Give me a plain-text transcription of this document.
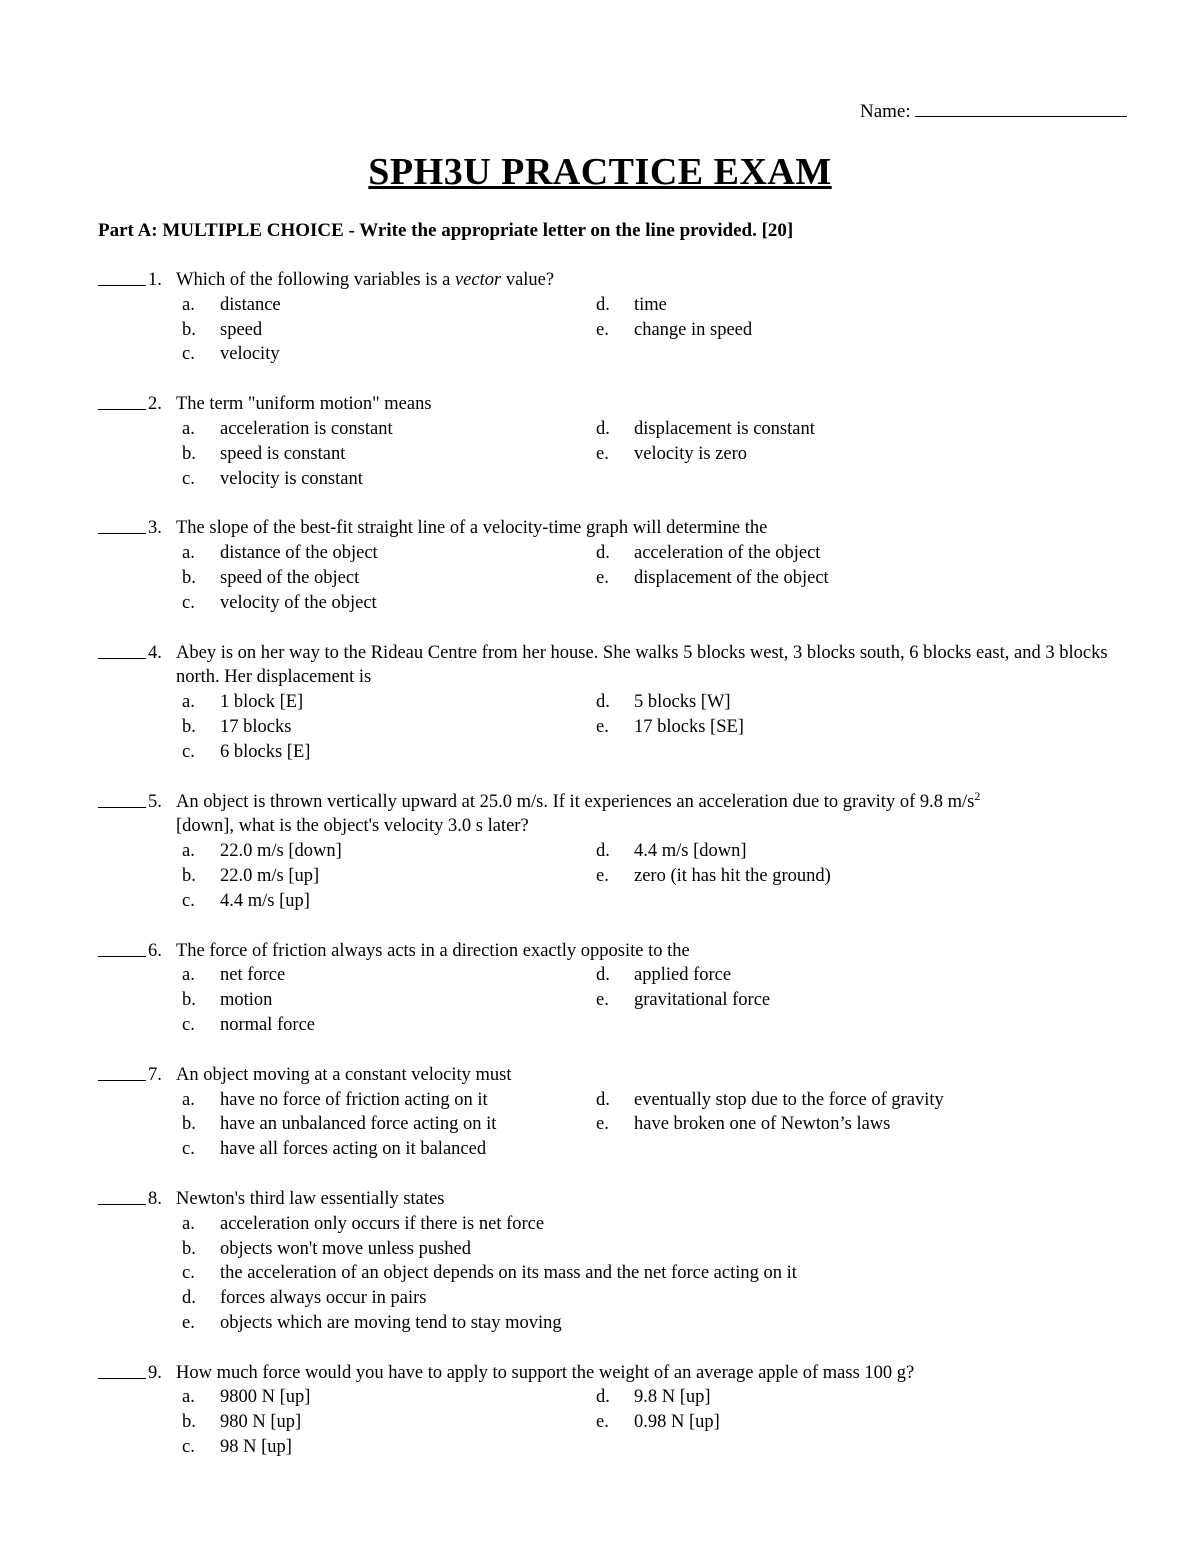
Name:
SPH3U PRACTICE EXAM
Part A: MULTIPLE CHOICE - Write the appropriate letter on the line provided. [20]
1. Which of the following variables is a vector value?
a.	distance	d.	time
b.	speed	e.	change in speed
c.	velocity
2. The term "uniform motion" means
a.	acceleration is constant	d.	displacement is constant
b.	speed is constant	e.	velocity is zero
c.	velocity is constant
3. The slope of the best-fit straight line of a velocity-time graph will determine the
a.	distance of the object	d.	acceleration of the object
b.	speed of the object	e.	displacement of the object
c.	velocity of the object
4. Abey is on her way to the Rideau Centre from her house. She walks 5 blocks west, 3 blocks south, 6 blocks east, and 3 blocks north. Her displacement is
a.	1 block [E]	d.	5 blocks [W]
b.	17 blocks	e.	17 blocks [SE]
c.	6 blocks [E]
5. An object is thrown vertically upward at 25.0 m/s. If it experiences an acceleration due to gravity of 9.8 $m/s^2$
[down], what is the object's velocity 3.0 s later?
a.	22.0 m/s [down]	d.	4.4 m/s [down]
b.	22.0 m/s [up]	e.	zero (it has hit the ground)
c.	4.4 m/s [up]
6. The force of friction always acts in a direction exactly opposite to the
a.	net force	d.	applied force
b.	motion	e.	gravitational force
c.	normal force
7. An object moving at a constant velocity must
a.	have no force of friction acting on it	d.	eventually stop due to the force of gravity
b.	have an unbalanced force acting on it	e.	have broken one of Newton’s laws
c.	have all forces acting on it balanced
8. Newton's third law essentially states
a.	acceleration only occurs if there is net force
b.	objects won't move unless pushed
c.	the acceleration of an object depends on its mass and the net force acting on it
d.	forces always occur in pairs
e.	objects which are moving tend to stay moving
9. How much force would you have to apply to support the weight of an average apple of mass 100 g?
a.	9800 N [up]	d.	9.8 N [up]
b.	980 N [up]	e.	0.98 N [up]
c.	98 N [up]
